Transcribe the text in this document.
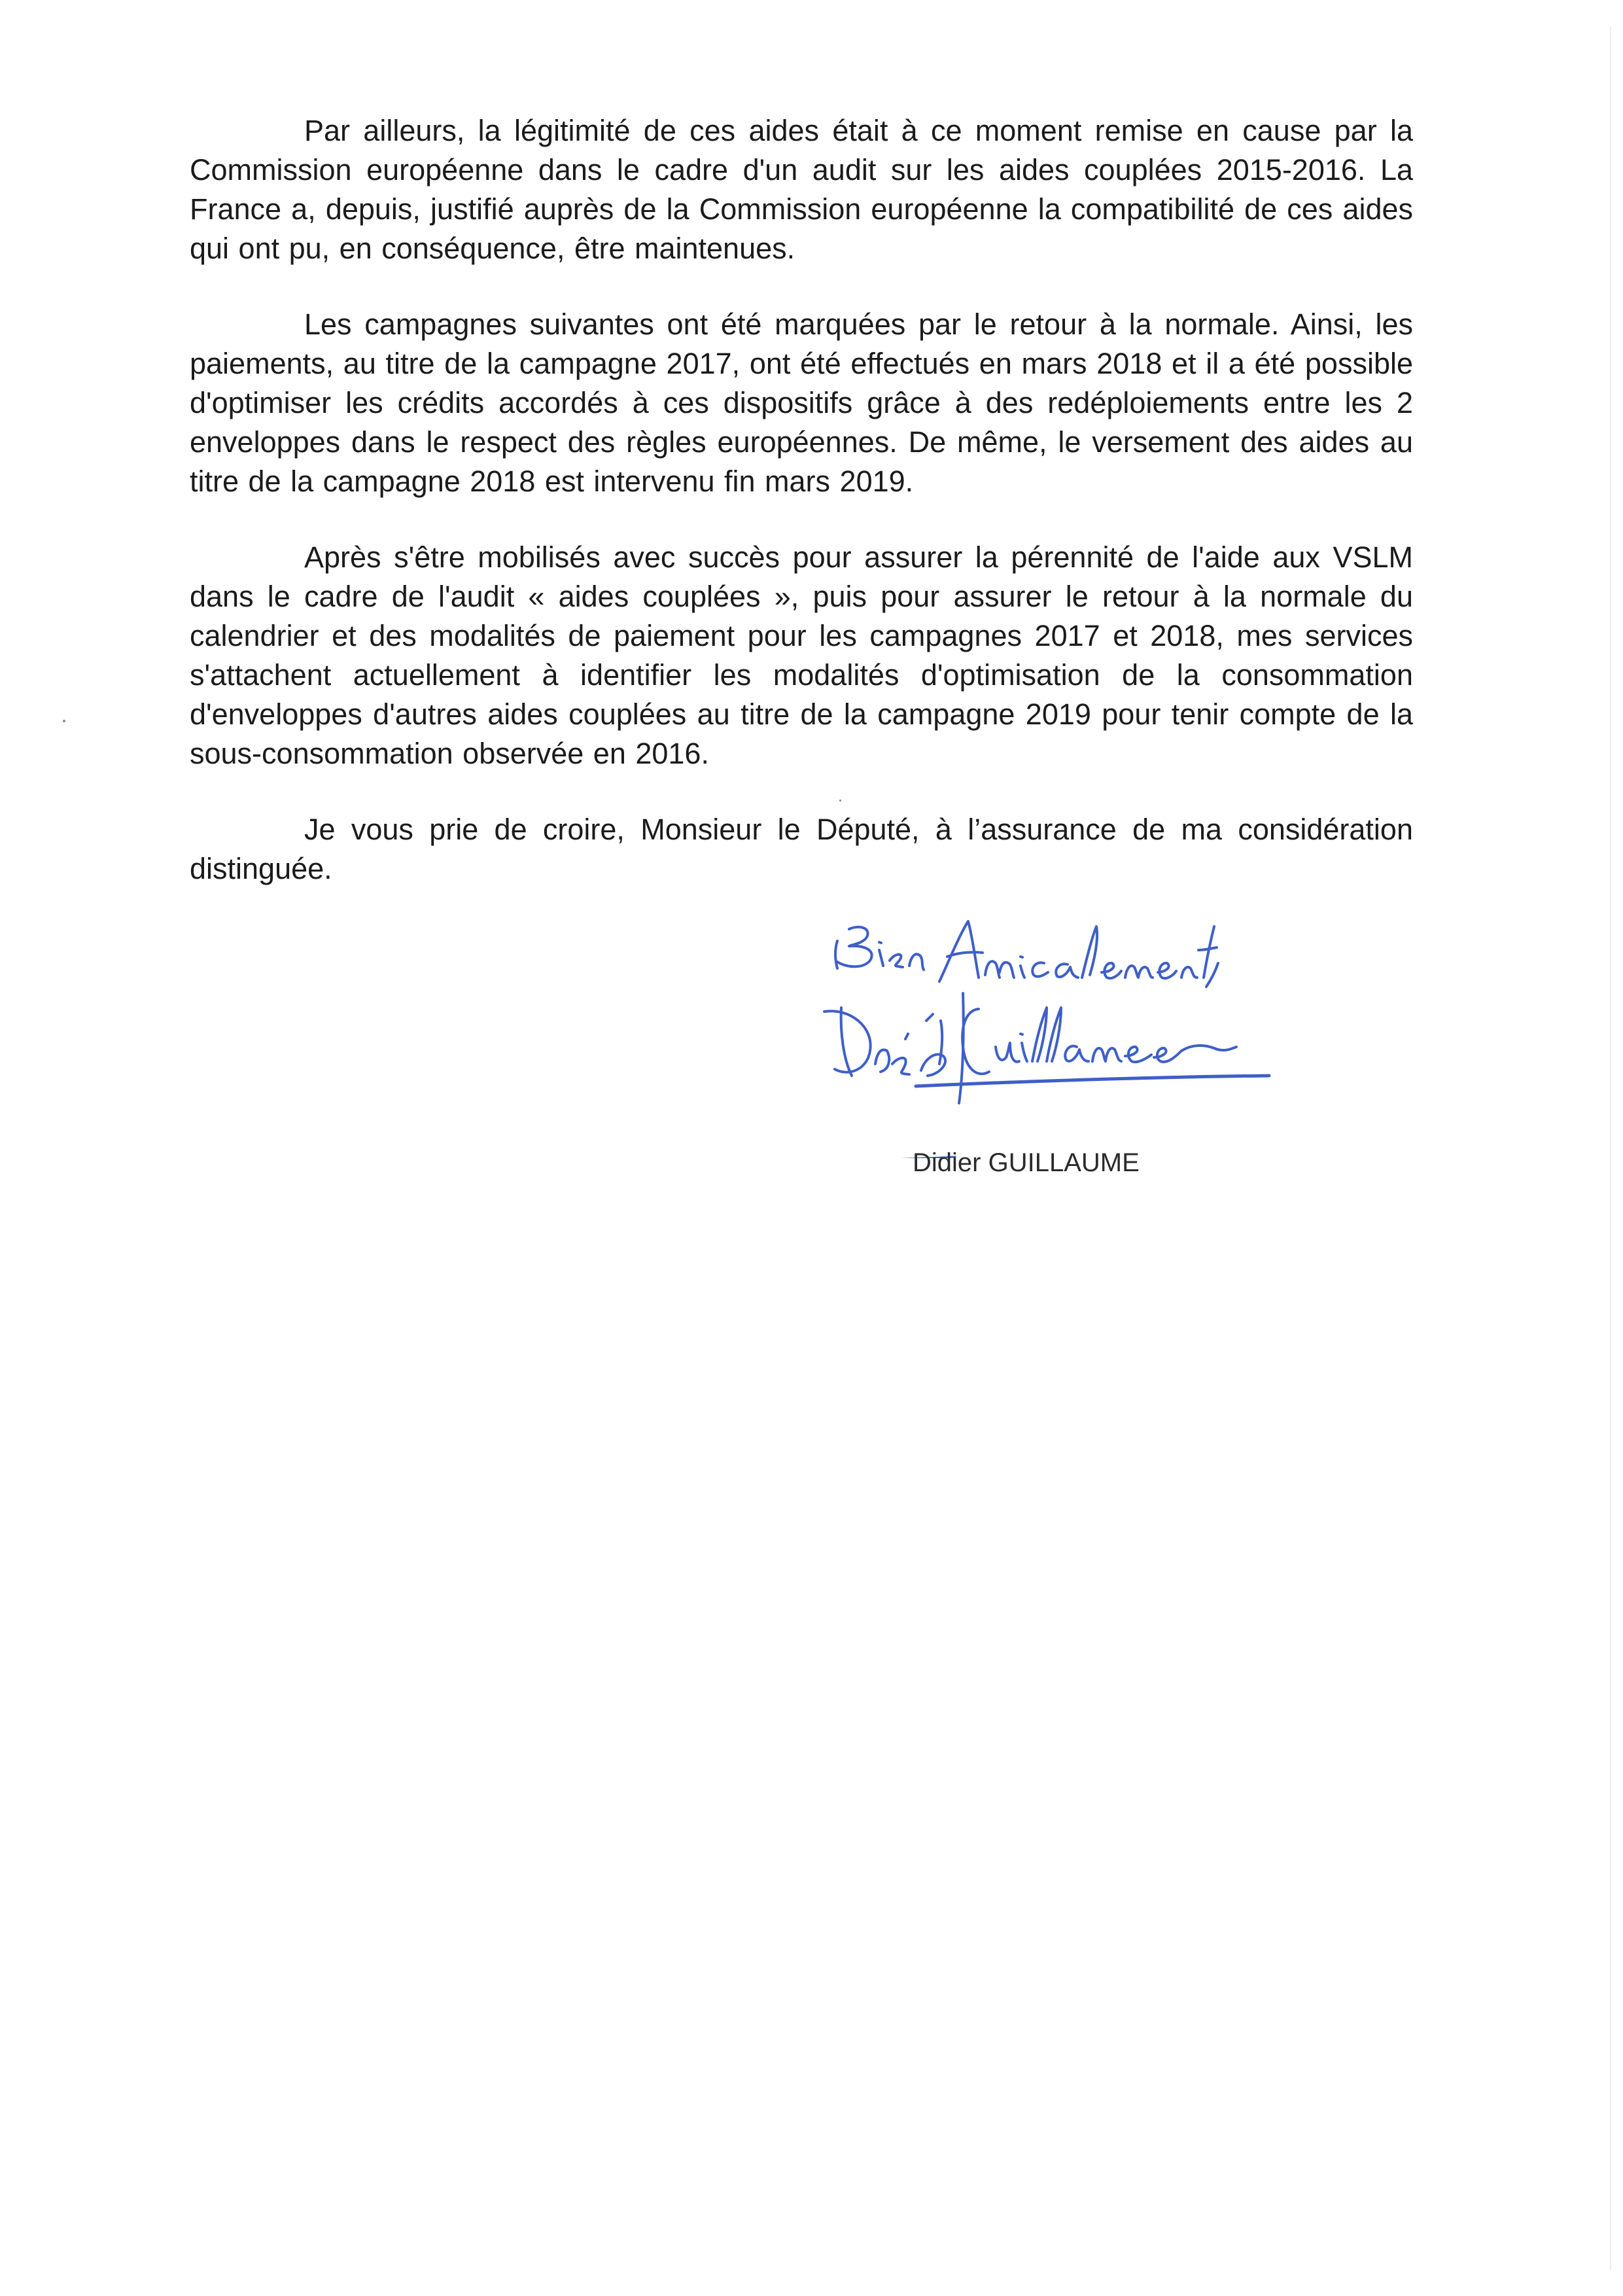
Par ailleurs, la légitimité de ces aides était à ce moment remise en cause par la Commission européenne dans le cadre d'un audit sur les aides couplées 2015-2016. La France a, depuis, justifié auprès de la Commission européenne la compatibilité de ces aides qui ont pu, en conséquence, être maintenues.

Les campagnes suivantes ont été marquées par le retour à la normale. Ainsi, les paiements, au titre de la campagne 2017, ont été effectués en mars 2018 et il a été possible d'optimiser les crédits accordés à ces dispositifs grâce à des redéploiements entre les 2 enveloppes dans le respect des règles européennes. De même, le versement des aides au titre de la campagne 2018 est intervenu fin mars 2019.

Après s'être mobilisés avec succès pour assurer la pérennité de l'aide aux VSLM dans le cadre de l'audit « aides couplées », puis pour assurer le retour à la normale du calendrier et des modalités de paiement pour les campagnes 2017 et 2018, mes services s'attachent actuellement à identifier les modalités d'optimisation de la consommation d'enveloppes d'autres aides couplées au titre de la campagne 2019 pour tenir compte de la sous-consommation observée en 2016.

Je vous prie de croire, Monsieur le Député, à l’assurance de ma considération distinguée.

Didier GUILLAUME
